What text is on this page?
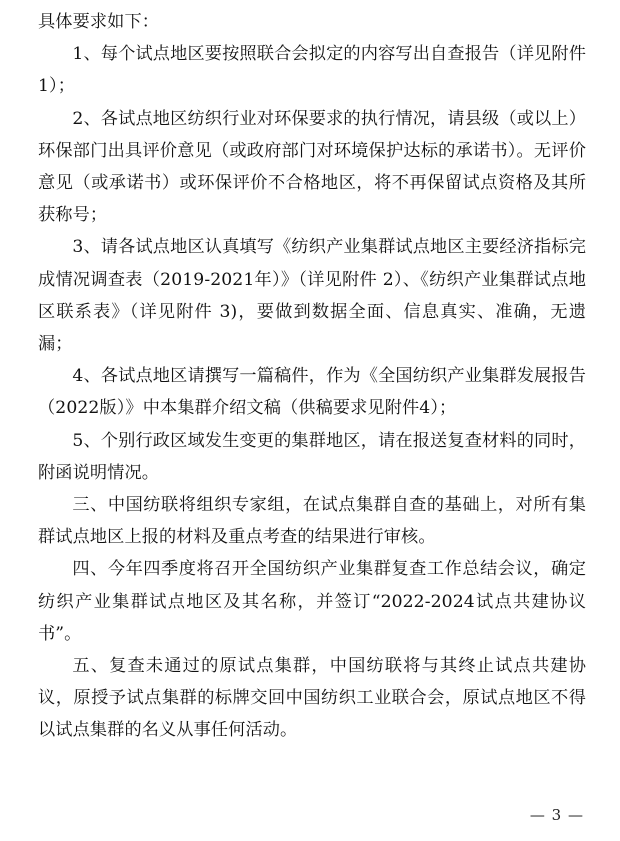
具体要求如下：

1、每个试点地区要按照联合会拟定的内容写出自查报告（详见附件 1）；

2、各试点地区纺织行业对环保要求的执行情况，请县级（或以上）环保部门出具评价意见（或政府部门对环境保护达标的承诺书）。无评价意见（或承诺书）或环保评价不合格地区，将不再保留试点资格及其所获称号；

3、请各试点地区认真填写《纺织产业集群试点地区主要经济指标完成情况调查表（2019-2021年）》（详见附件 2）、《纺织产业集群试点地区联系表》（详见附件 3)，要做到数据全面、信息真实、准确，无遗漏；

4、各试点地区请撰写一篇稿件，作为《全国纺织产业集群发展报告（2022版）》中本集群介绍文稿（供稿要求见附件4）；

5、个别行政区域发生变更的集群地区，请在报送复查材料的同时，附函说明情况。

三、中国纺联将组织专家组，在试点集群自查的基础上，对所有集群试点地区上报的材料及重点考查的结果进行审核。

四、今年四季度将召开全国纺织产业集群复查工作总结会议，确定纺织产业集群试点地区及其名称，并签订“2022-2024试点共建协议书”。

五、复查未通过的原试点集群，中国纺联将与其终止试点共建协议，原授予试点集群的标牌交回中国纺织工业联合会，原试点地区不得以试点集群的名义从事任何活动。

— 3 —
